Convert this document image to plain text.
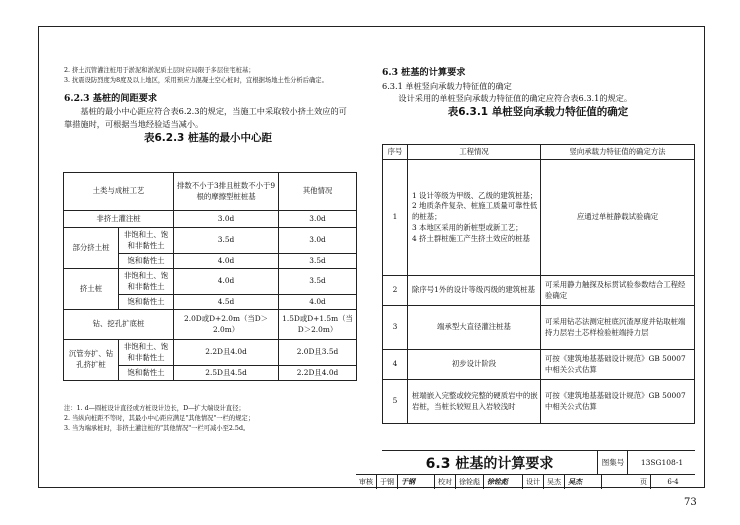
2. 挤土沉管灌注桩用于淤泥和淤泥质土层时应局限于多层住宅桩基；

3. 抗震设防烈度为8度及以上地区，采用预应力混凝土空心桩时，宜根据场地土性分析后确定。

6.2.3 基桩的间距要求

基桩的最小中心距应符合表6.2.3的规定，当施工中采取较小挤土效应的可靠措施时，可根据当地经验适当减小。

表6.2.3 桩基的最小中心距

土类与成桩工艺		排数不小于3排且桩数不小于9根的摩擦型桩桩基	其他情况
非挤土灌注桩		3.0d	3.0d
部分挤土桩	非饱和土、饱和非黏性土	3.5d	3.0d
	饱和黏性土	4.0d	3.5d
挤土桩	非饱和土、饱和非黏性土	4.0d	3.5d
	饱和黏性土	4.5d	4.0d
钻、挖孔扩底桩		2.0D或D+2.0m（当D＞2.0m）	1.5D或D+1.5m（当D＞2.0m）
沉管夯扩、钻孔挤扩桩	非饱和土、饱和非黏性土	2.2D且4.0d	2.0D且3.5d
	饱和黏性土	2.5D且4.5d	2.2D且4.0d

注：1. d—圆桩设计直径或方桩设计边长，D—扩大端设计直径；

2. 当纵向桩距不等时，其最小中心距应满足"其他情况"一栏的规定；

3. 当为端承桩时，非挤土灌注桩的"其他情况"一栏可减小至2.5d。

6.3 桩基的计算要求

6.3.1 单桩竖向承载力特征值的确定

设计采用的单桩竖向承载力特征值的确定应符合表6.3.1的规定。

表6.3.1 单桩竖向承载力特征值的确定

序号	工程情况	竖向承载力特征值的确定方法
1	1 设计等级为甲级、乙级的建筑桩基；
2 地质条件复杂、桩施工质量可靠性低的桩基；
3 本地区采用的新桩型或新工艺；
4 挤土群桩施工产生挤土效应的桩基	应通过单桩静载试验确定
2	除序号1外的设计等级丙级的建筑桩基	可采用静力触探及标贯试验参数结合工程经验确定
3	端承型大直径灌注桩基	可采用钻芯法测定桩底沉渣厚度并钻取桩端持力层岩土芯样检验桩端持力层
4	初步设计阶段	可按《建筑地基基础设计规范》GB 50007中相关公式估算
5	桩端嵌入完整或较完整的硬质岩中的嵌岩桩，当桩长较短且入岩较浅时	可按《建筑地基基础设计规范》GB 50007中相关公式估算
6.3 桩基的计算要求	图集号	13SG108-1
审核	于钢	于钢	校对	徐铨彪	徐铨彪	设计	吴杰	吴杰	页	6-4
73
